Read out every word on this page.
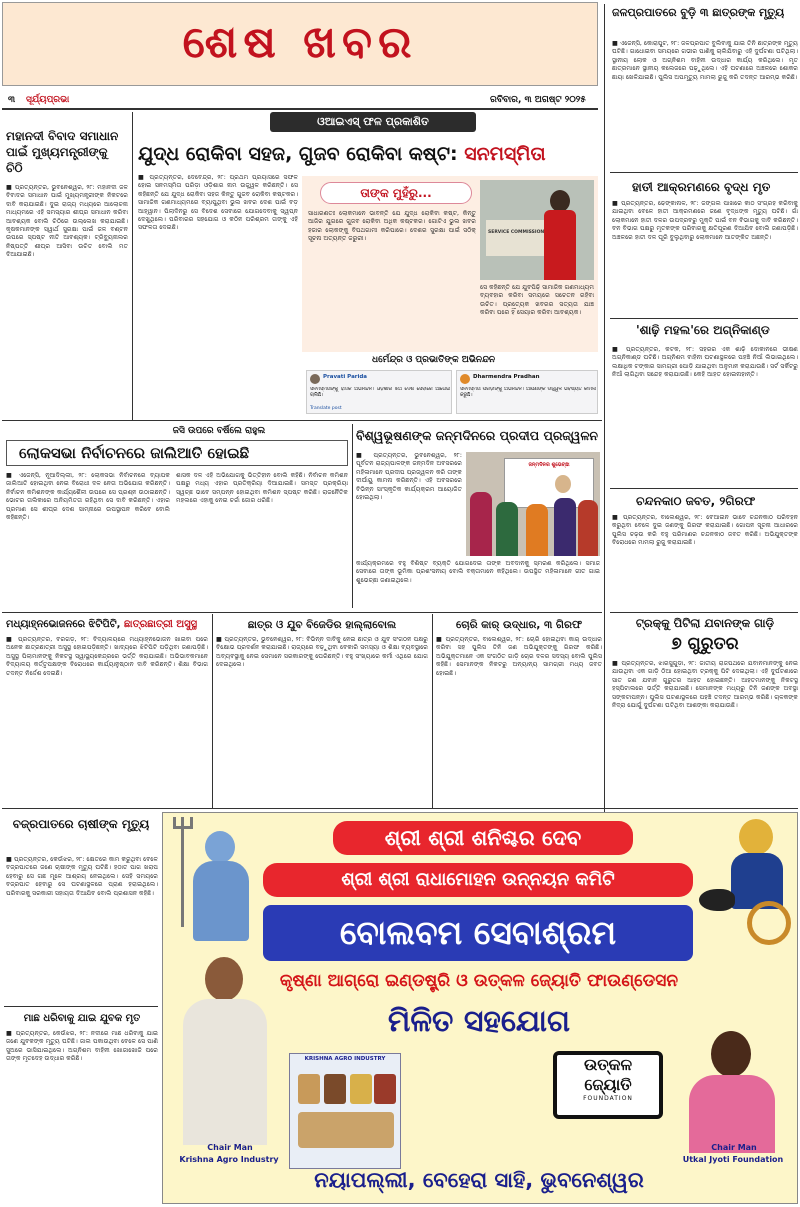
ଶେଷ ଖବର
୩ ସୂର୍ଯ୍ୟପ୍ରଭା	ରବିବାର, ୩ ଅଗଷ୍ଟ ୨୦୨୫
ମହାନଦୀ ବିବାଦ ସମାଧାନ ପାଇଁ ମୁଖ୍ୟମନ୍ତ୍ରୀଙ୍କୁ ଚିଠି
■ ପ୍ରତ୍ୟନ୍ତର, ଭୁବନେଶ୍ୱର, ୨୮: ମହାନଦୀ ଜଳ ବିବାଦର ସମାଧାନ ପାଇଁ ମୁଖ୍ୟମନ୍ତ୍ରୀଙ୍କ ନିକଟରେ ଦାବି କରାଯାଇଛି। ଦୁଇ ରାଜ୍ୟ ମଧ୍ୟରେ ଆଲୋଚନା ମାଧ୍ୟମରେ ଏହି ସମସ୍ୟାର ଶୀଘ୍ର ସମାଧାନ କରିବା ଆବଶ୍ୟକ ବୋଲି ଚିଠିରେ ଉଲ୍ଲେଖ କରାଯାଇଛି। କୃଷକମାନଙ୍କ ସ୍ୱାର୍ଥ ସୁରକ୍ଷା ପାଇଁ ଜଳ ବଣ୍ଟନ ଉପରେ ସ୍ପଷ୍ଟ ନୀତି ଆବଶ୍ୟକ। ଟ୍ରିବ୍ୟୁନାଲର ନିଷ୍ପତ୍ତି ଶୀଘ୍ର ଆସିବା ଉଚିତ ବୋଲି ମତ ଦିଆଯାଇଛି।
ଓଆଇଏସ୍ ଫଳ ପ୍ରକାଶିତ
ଯୁଦ୍ଧ ରୋକିବା ସହଜ, ଗୁଜବ ରୋକିବା କଷ୍ଟ: ସନମସ୍ମିତା
■ ପ୍ରତ୍ୟନ୍ତର, ଦେବେନ୍ଦ୍ର, ୨୮: ପ୍ରଥମ ପ୍ରୟାସରେ ସଫଳ ହୋଇ ସନମସ୍ମିତା ପରିଡ଼ା ଓଡ଼ିଶାର ନାମ ଉଜ୍ଜ୍ୱଳ କରିଛନ୍ତି। ସେ କହିଛନ୍ତି ଯେ ଯୁଦ୍ଧ ରୋକିବା ସହଜ କିନ୍ତୁ ଗୁଜବ ରୋକିବା କଷ୍ଟକର। ସାମାଜିକ ଗଣମାଧ୍ୟମରେ ବ୍ୟାପୁଥିବା ଭୁଲ ଖବର ଦେଶ ପାଇଁ ବଡ଼ ଆହ୍ୱାନ। ପିଲାଦିନରୁ ସେ ବିଦେଶ ସେବାରେ ଯୋଗଦେବାକୁ ସ୍ୱପ୍ନ ଦେଖୁଥିଲେ। ପରିବାରର ସହଯୋଗ ଓ କଠିନ ପରିଶ୍ରମ ତାଙ୍କୁ ଏହି ସଫଳତା ଦେଇଛି।
ତାଙ୍କ ମୁହଁରୁ...
ସାଧାରଣତଃ ଲୋକମାନେ ଭାବନ୍ତି ଯେ ଯୁଦ୍ଧ ରୋକିବା କଷ୍ଟ, କିନ୍ତୁ ଆଜିର ଯୁଗରେ ଗୁଜବ ରୋକିବା ଅଧିକ କଷ୍ଟକର। ଗୋଟିଏ ଭୁଲ ଖବର ହଜାର ଲୋକଙ୍କୁ ବିପଥଗାମୀ କରିପାରେ। ଦେଶର ସୁରକ୍ଷା ପାଇଁ ସଠିକ୍ ସୂଚନା ଅତ୍ୟନ୍ତ ଜରୁରୀ।
SERVICE COMMISSION
ସେ କହିଛନ୍ତି ଯେ ଯୁବପିଢ଼ି ସାମାଜିକ ଗଣମାଧ୍ୟମ ବ୍ୟବହାର କରିବା ସମୟରେ ସଚେତନ ରହିବା ଉଚିତ। ପ୍ରତ୍ୟେକ ଖବରର ସତ୍ୟତା ଯାଞ୍ଚ କରିବା ପରେ ହିଁ ସେୟାର କରିବା ଆବଶ୍ୟକ।
ଧର୍ମେନ୍ଦ୍ର ଓ ପ୍ରଭାତିଙ୍କ ଅଭିନନ୍ଦନ
Pravati Parida
ସନମସ୍ମିତାଙ୍କୁ ହାର୍ଦ୍ଦିକ ଅଭିନନ୍ଦନ। ଓଡ଼ିଶାର ଝିଅ ଦେଶ ସେବାରେ ଆଗେଇ ଚାଲିଛି।
Translate post
Dharmendra Pradhan
ସନମସ୍ମିତା ପରିଡ଼ାଙ୍କୁ ଅଭିନନ୍ଦନ। ଆପଣଙ୍କ ଉଜ୍ଜ୍ୱଳ ଭବିଷ୍ୟତ କାମନା କରୁଛି।
ଜଳପ୍ରପାତରେ ବୁଡ଼ି ୩ ଛାତ୍ରଙ୍କ ମୃତ୍ୟୁ
■ ଏଜେନ୍ସି, କୋରାପୁଟ, ୨୮: ଜଳପ୍ରପାତ ବୁଲିବାକୁ ଯାଇ ତିନି ଛାତ୍ରଙ୍କ ମୃତ୍ୟୁ ଘଟିଛି। ଗାଧୋଇବା ସମୟରେ ଗଭୀର ପାଣିକୁ ଚାଲିଯିବାରୁ ଏହି ଦୁର୍ଘଟଣା ଘଟିଥିଲା। ସ୍ଥାନୀୟ ଲୋକ ଓ ଅଗ୍ନିଶମ ବାହିନୀ ଉଦ୍ଧାର କାର୍ଯ୍ୟ କରିଥିଲେ। ମୃତ ଛାତ୍ରମାନେ ସ୍ଥାନୀୟ କଲେଜରେ ପଢ଼ୁଥିଲେ। ଏହି ଘଟଣାରେ ଅଞ୍ଚଳରେ ଶୋକର ଛାୟା ଖେଳିଯାଇଛି। ପୁଲିସ ଅପମୃତ୍ୟୁ ମାମଲା ରୁଜୁ କରି ତଦନ୍ତ ଆରମ୍ଭ କରିଛି।
ହାତୀ ଆକ୍ରମଣରେ ବୃଦ୍ଧ ମୃତ
■ ପ୍ରତ୍ୟନ୍ତର, ଢେଙ୍କାନାଳ, ୨୮: ଜଙ୍ଗଲ ପାଖରେ କାଠ ସଂଗ୍ରହ କରିବାକୁ ଯାଇଥିବା ବେଳେ ହାତୀ ଆକ୍ରମଣରେ ଜଣେ ବୃଦ୍ଧଙ୍କ ମୃତ୍ୟୁ ଘଟିଛି। ଗାଁ ଲୋକମାନେ ହାତୀ ଦଳର ଉପଦ୍ରବରୁ ମୁକ୍ତି ପାଇଁ ବନ ବିଭାଗକୁ ଦାବି କରିଛନ୍ତି। ବନ ବିଭାଗ ପକ୍ଷରୁ ମୃତକଙ୍କ ପରିବାରକୁ କ୍ଷତିପୂରଣ ଦିଆଯିବ ବୋଲି ଜଣାପଡ଼ିଛି। ଅଞ୍ଚଳରେ ହାତୀ ଦଳ ଘୂରି ବୁଲୁଥିବାରୁ ଲୋକମାନେ ଆତଙ୍କିତ ଅଛନ୍ତି।
'ଶାଢ଼ି ମହଲ'ରେ ଅଗ୍ନିକାଣ୍ଡ
■ ପ୍ରତ୍ୟନ୍ତର, କଟକ, ୨୮: ସହରର ଏକ ଶାଢ଼ି ଦୋକାନରେ ଭୀଷଣ ଅଗ୍ନିକାଣ୍ଡ ଘଟିଛି। ଅଗ୍ନିଶମ ବାହିନୀ ଘଟଣାସ୍ଥଳରେ ପହଞ୍ଚି ନିଆଁ ଲିଭାଇଥିଲେ। ଲକ୍ଷାଧିକ ଟଙ୍କାର ସାମଗ୍ରୀ ପୋଡ଼ି ଯାଇଥିବା ଅନୁମାନ କରାଯାଉଛି। ସର୍ଟ ସର୍କିଟରୁ ନିଆଁ ଲାଗିଥିବା ସନ୍ଦେହ କରାଯାଉଛି। କେହି ଆହତ ହୋଇନାହାନ୍ତି।
ଚନ୍ଦନକାଠ ଜବତ, ୨ଗିରଫ
■ ପ୍ରତ୍ୟନ୍ତର, ବାଲେଶ୍ୱର, ୨୮: ବେଆଇନ ଭାବେ ଚନ୍ଦନକାଠ ପରିବହନ କରୁଥିବା ବେଳେ ଦୁଇ ଜଣଙ୍କୁ ଗିରଫ କରାଯାଇଛି। ଗୋପନ ସୂଚନା ଆଧାରରେ ପୁଲିସ ଚଢ଼ଉ କରି ବହୁ ପରିମାଣର ଚନ୍ଦନକାଠ ଜବତ କରିଛି। ଅଭିଯୁକ୍ତଙ୍କ ବିରୋଧରେ ମାମଲା ରୁଜୁ କରାଯାଇଛି।
ଟ୍ରକ୍‌କୁ ପିଟିଲା ଯବାନଙ୍କ ଗାଡ଼ି
୭ ଗୁରୁତର
■ ପ୍ରତ୍ୟନ୍ତର, ଝାରସୁଗୁଡ଼ା, ୨୮: ଜାତୀୟ ରାଜପଥରେ ଯବାନମାନଙ୍କୁ ନେଇ ଯାଉଥିବା ଏକ ଗାଡ଼ି ଠିଆ ହୋଇଥିବା ଟ୍ରକ୍‌କୁ ପିଟି ଦେଇଥିଲା। ଏହି ଦୁର୍ଘଟଣାରେ ସାତ ଜଣ ଯବାନ ଗୁରୁତର ଆହତ ହୋଇଛନ୍ତି। ଆହତମାନଙ୍କୁ ନିକଟସ୍ଥ ହସ୍ପିଟାଲରେ ଭର୍ତ୍ତି କରାଯାଇଛି। ସେମାନଙ୍କ ମଧ୍ୟରୁ ତିନି ଜଣଙ୍କ ଅବସ୍ଥା ସଙ୍କଟାପନ୍ନ। ପୁଲିସ ଘଟଣାସ୍ଥଳରେ ପହଞ୍ଚି ତଦନ୍ତ ଆରମ୍ଭ କରିଛି। ଚାଳକଙ୍କ ନିଦ୍ରା ଯୋଗୁଁ ଦୁର୍ଘଟଣା ଘଟିଥିବା ଆଶଙ୍କା କରାଯାଉଛି।
ଜସି ଉପରେ ବର୍ଷିଲେ ରାହୁଲ
ଲୋକସଭା ନିର୍ବାଚନରେ ଜାଲିଆତି ହୋଇଛି
■ ଏଜେନ୍ସି, ନୂଆଦିଲ୍ଲୀ, ୨୮: ଲୋକସଭା ନିର୍ବାଚନରେ ବ୍ୟାପକ ଜାଲିଆତି ହୋଇଥିବା ନେଇ ବିରୋଧୀ ଦଳ ନେତା ଅଭିଯୋଗ କରିଛନ୍ତି। ନିର୍ବାଚନ କମିଶନଙ୍କ କାର୍ଯ୍ୟଶୈଳୀ ଉପରେ ସେ ପ୍ରଶ୍ନ ଉଠାଇଛନ୍ତି। ଭୋଟର ତାଲିକାରେ ଅନିୟମିତତା ରହିଥିବା ସେ ଦାବି କରିଛନ୍ତି। ଏହାର ପ୍ରମାଣ ସେ ଶୀଘ୍ର ଦେଶ ସାମ୍ନାରେ ଉପସ୍ଥାପନ କରିବେ ବୋଲି କହିଛନ୍ତି।
ଶାସକ ଦଳ ଏହି ଅଭିଯୋଗକୁ ଭିତ୍ତିହୀନ ବୋଲି କହିଛି। ନିର୍ବାଚନ କମିଶନ ପକ୍ଷରୁ ମଧ୍ୟ ଏହାର ପ୍ରତିକ୍ରିୟା ଦିଆଯାଇଛି। ସମସ୍ତ ପ୍ରକ୍ରିୟା ସ୍ୱଚ୍ଛ ଭାବେ ସମ୍ପନ୍ନ ହୋଇଥିବା କମିଶନ ସ୍ପଷ୍ଟ କରିଛି। ରାଜନୈତିକ ମହଲରେ ଏହାକୁ ନେଇ ଚର୍ଚ୍ଚା ଜୋର ଧରିଛି।
ବିଶ୍ୱଭୂଷଣଙ୍କ ଜନ୍ମଦିନରେ ପ୍ରଦୀପ ପ୍ରଜ୍ୱଳନ
■ ପ୍ରତ୍ୟନ୍ତର, ଭୁବନେଶ୍ୱର, ୨୮: ପୂର୍ବତନ ରାଜ୍ୟପାଳଙ୍କ ଜନ୍ମଦିନ ଅବସରରେ ମହିଳାମାନେ ପ୍ରଦୀପ ପ୍ରଜ୍ୱଳନ କରି ତାଙ୍କ ଦୀର୍ଘାୟୁ କାମନା କରିଛନ୍ତି। ଏହି ଅବସରରେ ବିଭିନ୍ନ ସାଂସ୍କୃତିକ କାର୍ଯ୍ୟକ୍ରମ ଆୟୋଜିତ ହୋଇଥିଲା।
ଜନ୍ମଦିନର ଶୁଭେଚ୍ଛା
କାର୍ଯ୍ୟକ୍ରମରେ ବହୁ ବିଶିଷ୍ଟ ବ୍ୟକ୍ତି ଯୋଗଦେଇ ତାଙ୍କ ଅବଦାନକୁ ସ୍ମରଣ କରିଥିଲେ। ସମାଜ ସେବାରେ ତାଙ୍କ ଭୂମିକା ପ୍ରଶଂସନୀୟ ବୋଲି ବକ୍ତାମାନେ କହିଥିଲେ। ଉପସ୍ଥିତ ମହିଳାମାନେ ଗୀତ ଗାଇ ଶୁଭେଚ୍ଛା ଜଣାଇଥିଲେ।
ମଧ୍ୟାହ୍ନଭୋଜନରେ ଝିଟିପିଟି, ଛାତ୍ରଛାତ୍ରୀ ଅସୁସ୍ଥ
■ ପ୍ରତ୍ୟନ୍ତର, ବରଗଡ଼, ୨୮: ବିଦ୍ୟାଳୟରେ ମଧ୍ୟାହ୍ନଭୋଜନ ଖାଇବା ପରେ ଅନେକ ଛାତ୍ରଛାତ୍ରୀ ଅସୁସ୍ଥ ହୋଇପଡ଼ିଛନ୍ତି। ଖାଦ୍ୟରେ ଝିଟିପିଟି ପଡ଼ିଥିବା ଜଣାପଡ଼ିଛି। ଅସୁସ୍ଥ ପିଲାମାନଙ୍କୁ ନିକଟସ୍ଥ ସ୍ୱାସ୍ଥ୍ୟକେନ୍ଦ୍ରରେ ଭର୍ତ୍ତି କରାଯାଇଛି। ଅଭିଭାବକମାନେ ବିଦ୍ୟାଳୟ କର୍ତ୍ତୃପକ୍ଷଙ୍କ ବିରୋଧରେ କାର୍ଯ୍ୟାନୁଷ୍ଠାନ ଦାବି କରିଛନ୍ତି। ଶିକ୍ଷା ବିଭାଗ ତଦନ୍ତ ନିର୍ଦ୍ଦେଶ ଦେଇଛି।
ଛାତ୍ର ଓ ଯୁବ ବିଜେଡିର ହାଲ୍ଲାବୋଲ
■ ପ୍ରତ୍ୟନ୍ତର, ଭୁବନେଶ୍ୱର, ୨୮: ବିଭିନ୍ନ ଦାବିକୁ ନେଇ ଛାତ୍ର ଓ ଯୁବ ସଂଗଠନ ପକ୍ଷରୁ ବିକ୍ଷୋଭ ପ୍ରଦର୍ଶନ କରାଯାଇଛି। ରାଜ୍ୟରେ ବଢ଼ୁଥିବା ବେକାରି ସମସ୍ୟା ଓ ଶିକ୍ଷା ବ୍ୟବସ୍ଥାରେ ଅବ୍ୟବସ୍ଥାକୁ ନେଇ ସେମାନେ ସରକାରଙ୍କୁ ଘେରିଛନ୍ତି। ବହୁ ସଂଖ୍ୟାରେ କର୍ମୀ ଏଥିରେ ଯୋଗ ଦେଇଥିଲେ।
ଚୋରି କାର୍ ଉଦ୍ଧାର, ୩ ଗିରଫ
■ ପ୍ରତ୍ୟନ୍ତର, ବାଲେଶ୍ୱର, ୨୮: ଚୋରି ହୋଇଥିବା କାର୍ ଉଦ୍ଧାର କରିବା ସହ ପୁଲିସ ତିନି ଜଣ ଅଭିଯୁକ୍ତଙ୍କୁ ଗିରଫ କରିଛି। ଅଭିଯୁକ୍ତମାନେ ଏକ ସଂଗଠିତ ଗାଡ଼ି ଚୋର ଦଳର ସଦସ୍ୟ ବୋଲି ପୁଲିସ କହିଛି। ସେମାନଙ୍କ ନିକଟରୁ ଅନ୍ୟାନ୍ୟ ସାମଗ୍ରୀ ମଧ୍ୟ ଜବତ ହୋଇଛି।
ବଜ୍ରପାତରେ ଚାଷୀଙ୍କ ମୃତ୍ୟୁ
■ ପ୍ରତ୍ୟନ୍ତର, କେଉଁଝର, ୨୮: କ୍ଷେତରେ କାମ କରୁଥିବା ବେଳେ ବଜ୍ରପାତରେ ଜଣେ ଚାଷୀଙ୍କ ମୃତ୍ୟୁ ଘଟିଛି। ହଠାତ ପାଗ ଖରାପ ହେବାରୁ ସେ ଗଛ ମୂଳେ ଆଶ୍ରୟ ନେଇଥିଲେ। ସେହି ସମୟରେ ବଜ୍ରପାତ ହେବାରୁ ସେ ଘଟଣାସ୍ଥଳରେ ପ୍ରାଣ ହରାଇଥିଲେ। ପରିବାରକୁ ସରକାରୀ ସହାୟତା ଦିଆଯିବ ବୋଲି ପ୍ରଶାସନ କହିଛି।
ମାଛ ଧରିବାକୁ ଯାଇ ଯୁବକ ମୃତ
■ ପ୍ରତ୍ୟନ୍ତର, କେଉଁଝର, ୨୮: ନଦୀରେ ମାଛ ଧରିବାକୁ ଯାଇ ଜଣେ ଯୁବକଙ୍କ ମୃତ୍ୟୁ ଘଟିଛି। ଜାଲ ପକାଉଥିବା ବେଳେ ସେ ପାଣି ସୁଅରେ ଭାସିଯାଇଥିଲେ। ଅଗ୍ନିଶମ ବାହିନୀ ଖୋଜାଖୋଜି ପରେ ତାଙ୍କ ମୃତଦେହ ଉଦ୍ଧାର କରିଛି।
ଶ୍ରୀ ଶ୍ରୀ ଶନିଶ୍ଚର ଦେବ
ଶ୍ରୀ ଶ୍ରୀ ରାଧାମୋହନ ଉନ୍ନୟନ କମିଟି
ବୋଲବମ ସେବାଶ୍ରମ
କୃଷ୍ଣା ଆଗ୍ରୋ ଇଣ୍ଡଷ୍ଟ୍ରି ଓ ଉତ୍କଳ ଜ୍ୟୋତି ଫାଉଣ୍ଡେସନ
ମିଳିତ ସହଯୋଗ
Chair Man
Krishna Agro Industry
KRISHNA AGRO INDUSTRY	ଉତ୍କଳ
ଜ୍ୟୋତି
FOUNDATION
Chair Man
Utkal Jyoti Foundation
ନୟାପଲ୍ଲୀ, ବେହେରା ସାହି, ଭୁବନେଶ୍ୱର
